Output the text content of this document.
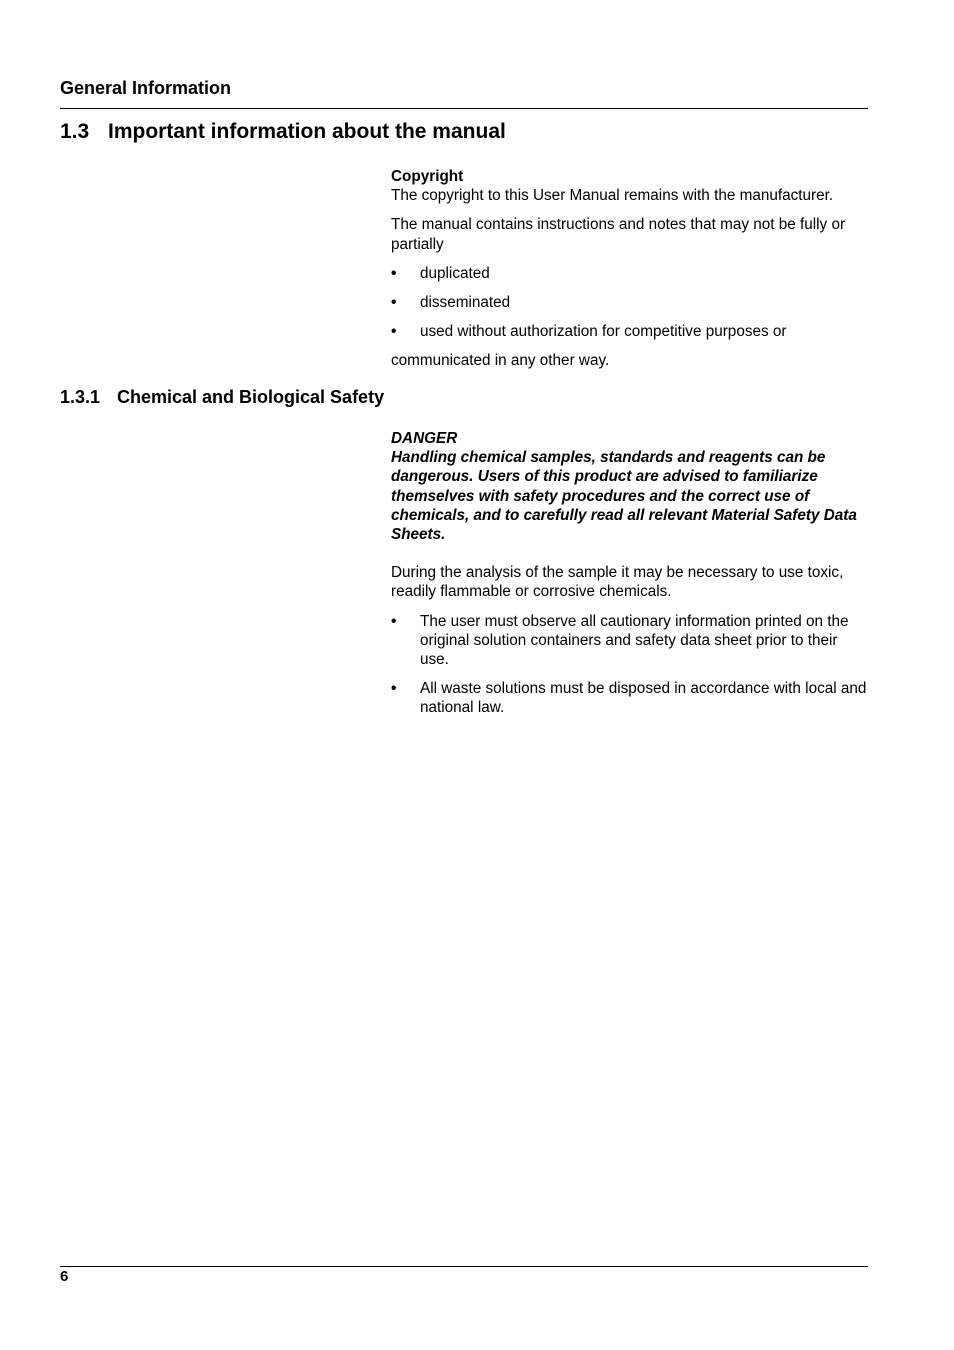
General Information
1.3 Important information about the manual

Copyright

The copyright to this User Manual remains with the manufacturer.

The manual contains instructions and notes that may not be fully or partially

• duplicated
• disseminated
• used without authorization for competitive purposes or

communicated in any other way.

1.3.1 Chemical and Biological Safety

DANGER

Handling chemical samples, standards and reagents can be dangerous. Users of this product are advised to familiarize themselves with safety procedures and the correct use of chemicals, and to carefully read all relevant Material Safety Data Sheets.

During the analysis of the sample it may be necessary to use toxic, readily flammable or corrosive chemicals.

• The user must observe all cautionary information printed on the original solution containers and safety data sheet prior to their use.
• All waste solutions must be disposed in accordance with local and national law.
6
